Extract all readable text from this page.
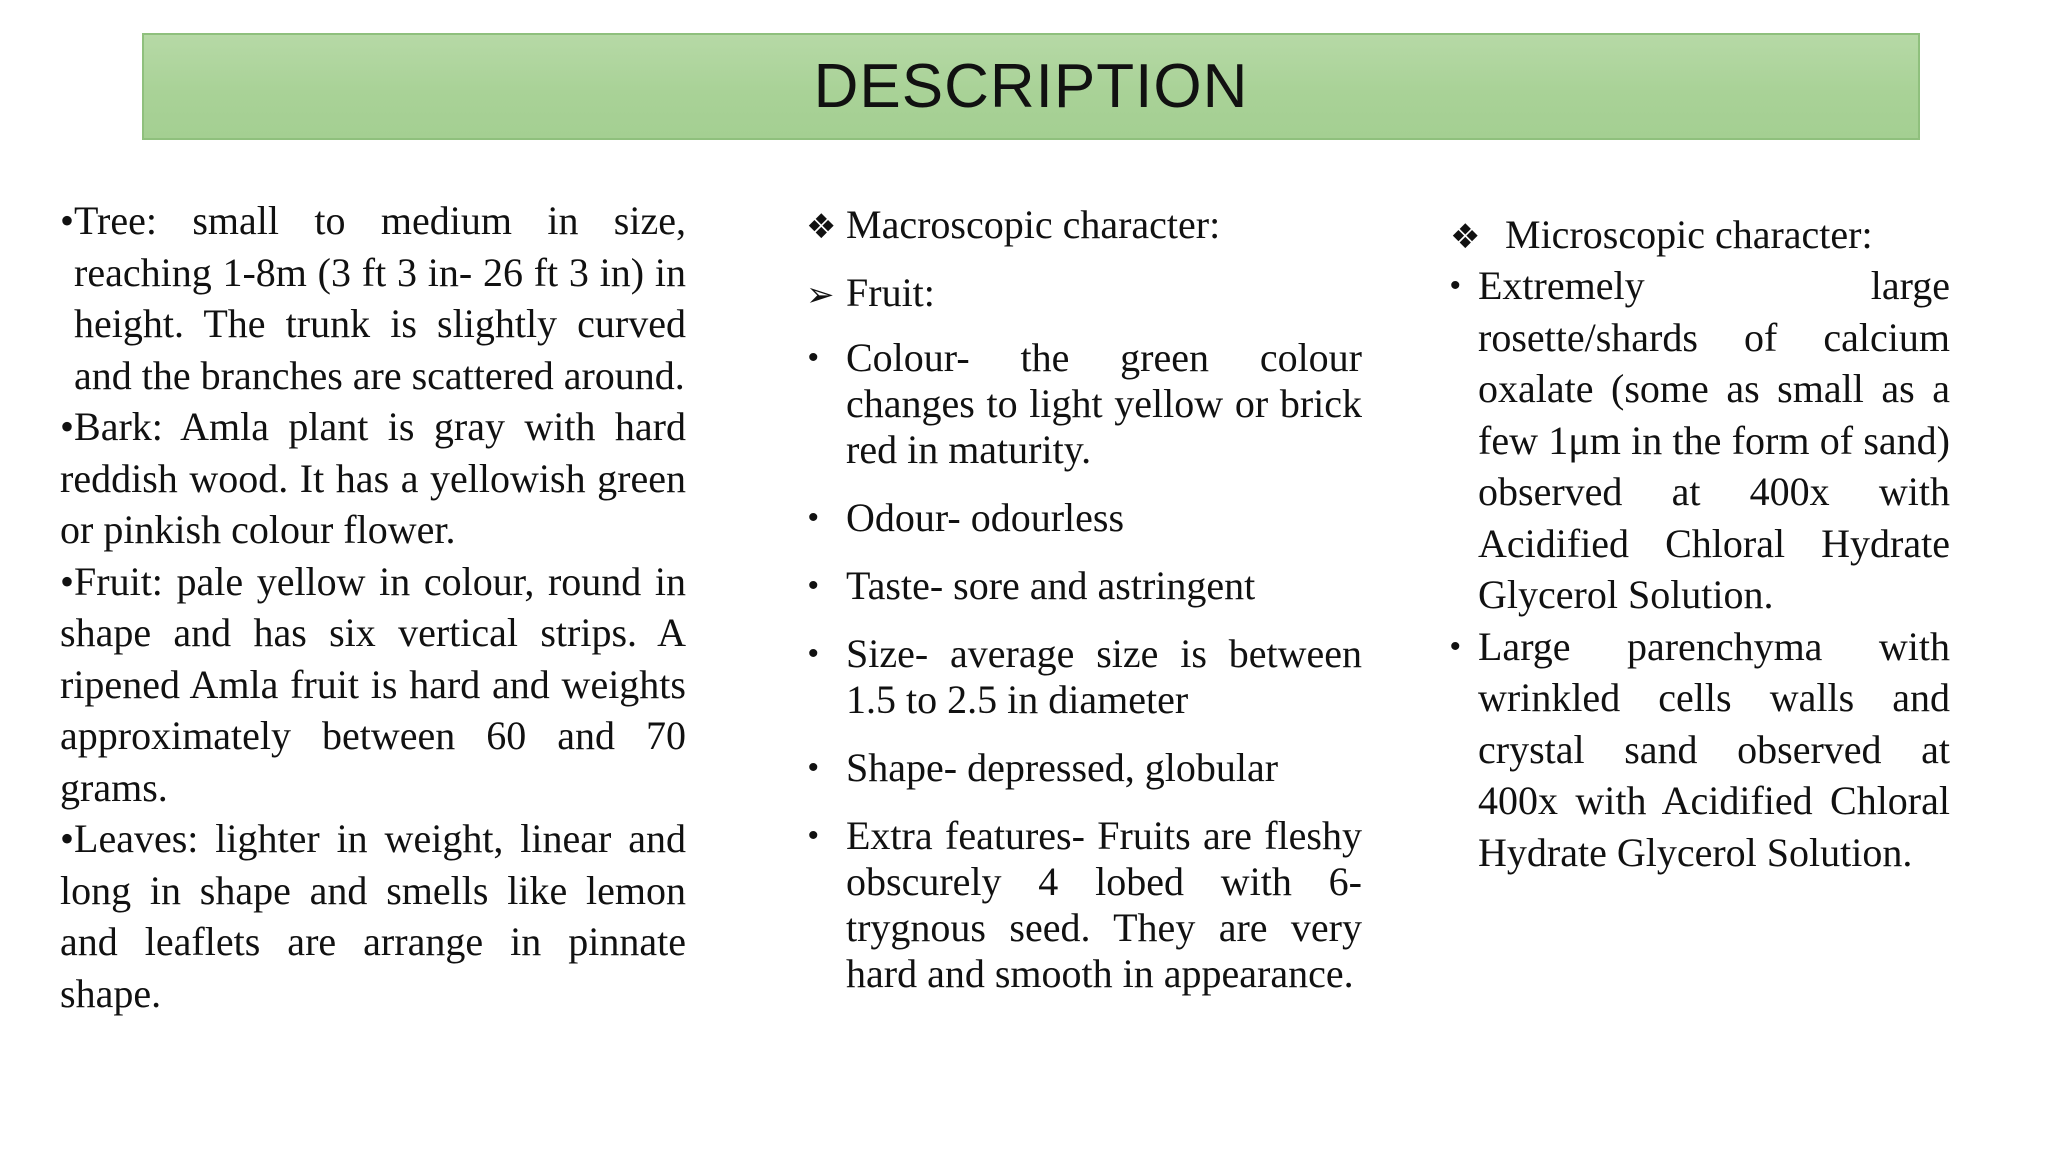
DESCRIPTION

•Tree: small to medium in size, reaching 1-8m (3 ft 3 in- 26 ft 3 in) in height. The trunk is slightly curved and the branches are scattered around.

•Bark: Amla plant is gray with hard reddish wood. It has a yellowish green or pinkish colour flower.

•Fruit: pale yellow in colour, round in shape and has six vertical strips. A ripened Amla fruit is hard and weights approximately between 60 and 70 grams.

•Leaves: lighter in weight, linear and long in shape and smells like lemon and leaflets are arrange in pinnate shape.

❖ Macroscopic character:
➢ Fruit:
• Colour- the green colour changes to light yellow or brick red in maturity.
• Odour- odourless
• Taste- sore and astringent
• Size- average size is between 1.5 to 2.5 in diameter
• Shape- depressed, globular
• Extra features- Fruits are fleshy obscurely 4 lobed with 6-trygnous seed. They are very hard and smooth in appearance.
❖ Microscopic character:
• Extremely large rosette/shards of calcium oxalate (some as small as a few 1μm in the form of sand) observed at 400x with Acidified Chloral Hydrate Glycerol Solution.
• Large parenchyma with wrinkled cells walls and crystal sand observed at 400x with Acidified Chloral Hydrate Glycerol Solution.
